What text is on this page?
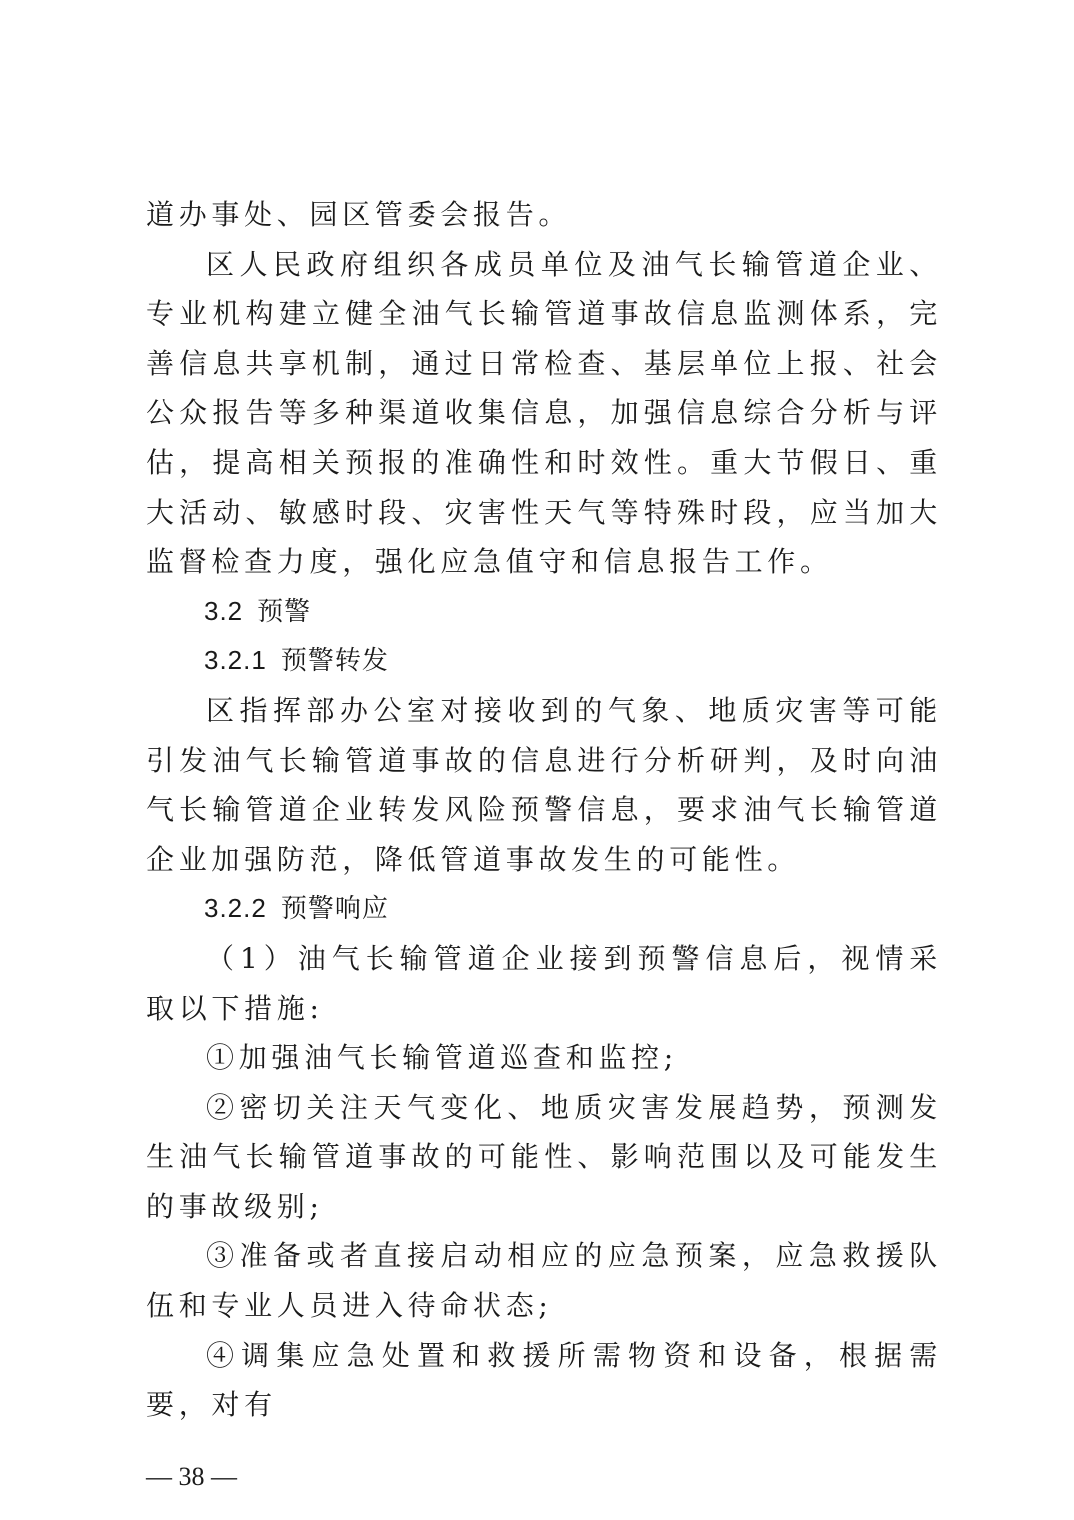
道办事处、园区管委会报告。

区人民政府组织各成员单位及油气长输管道企业、专业机构建立健全油气长输管道事故信息监测体系，完善信息共享机制，通过日常检查、基层单位上报、社会公众报告等多种渠道收集信息，加强信息综合分析与评估，提高相关预报的准确性和时效性。重大节假日、重大活动、敏感时段、灾害性天气等特殊时段，应当加大监督检查力度，强化应急值守和信息报告工作。

3.2 预警

3.2.1 预警转发

区指挥部办公室对接收到的气象、地质灾害等可能引发油气长输管道事故的信息进行分析研判，及时向油气长输管道企业转发风险预警信息，要求油气长输管道企业加强防范，降低管道事故发生的可能性。

3.2.2 预警响应

（1）油气长输管道企业接到预警信息后，视情采取以下措施:

①加强油气长输管道巡查和监控;

②密切关注天气变化、地质灾害发展趋势，预测发生油气长输管道事故的可能性、影响范围以及可能发生的事故级别;

③准备或者直接启动相应的应急预案，应急救援队伍和专业人员进入待命状态;

④调集应急处置和救援所需物资和设备，根据需要，对有

— 38 —
